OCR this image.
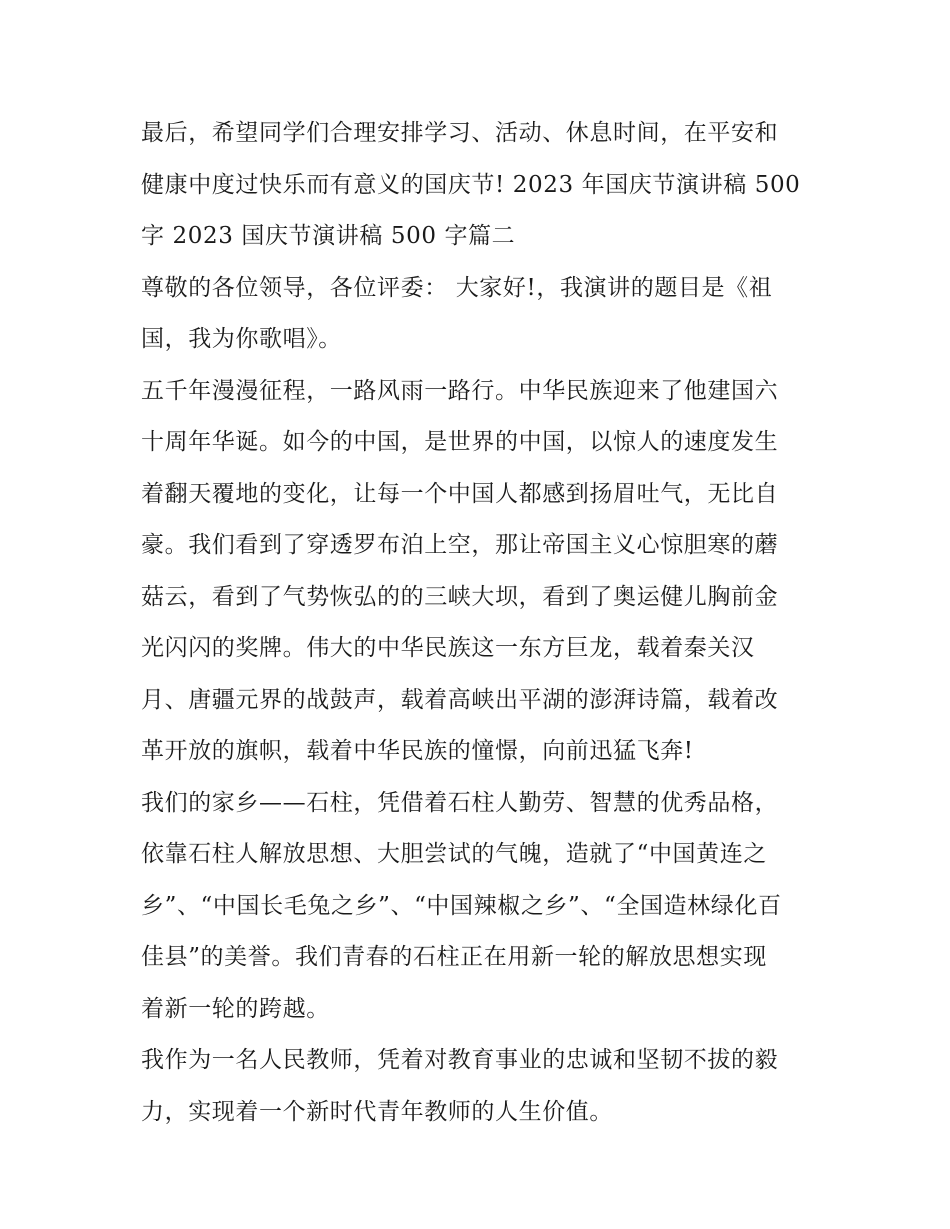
最后，希望同学们合理安排学习、活动、休息时间，在平安和
健康中度过快乐而有意义的国庆节! 2023 年国庆节演讲稿 500
字 2023 国庆节演讲稿 500 字篇二

尊敬的各位领导，各位评委： 大家好!，我演讲的题目是《祖
国，我为你歌唱》。

五千年漫漫征程，一路风雨一路行。中华民族迎来了他建国六
十周年华诞。如今的中国，是世界的中国，以惊人的速度发生
着翻天覆地的变化，让每一个中国人都感到扬眉吐气，无比自
豪。我们看到了穿透罗布泊上空，那让帝国主义心惊胆寒的蘑
菇云，看到了气势恢弘的的三峡大坝，看到了奥运健儿胸前金
光闪闪的奖牌。伟大的中华民族这一东方巨龙，载着秦关汉
月、唐疆元界的战鼓声，载着高峡出平湖的澎湃诗篇，载着改
革开放的旗帜，载着中华民族的憧憬，向前迅猛飞奔!

我们的家乡——石柱，凭借着石柱人勤劳、智慧的优秀品格，
依靠石柱人解放思想、大胆尝试的气魄，造就了“中国黄连之
乡”、“中国长毛兔之乡”、“中国辣椒之乡”、“全国造林绿化百
佳县”的美誉。我们青春的石柱正在用新一轮的解放思想实现
着新一轮的跨越。

我作为一名人民教师，凭着对教育事业的忠诚和坚韧不拔的毅
力，实现着一个新时代青年教师的人生价值。
